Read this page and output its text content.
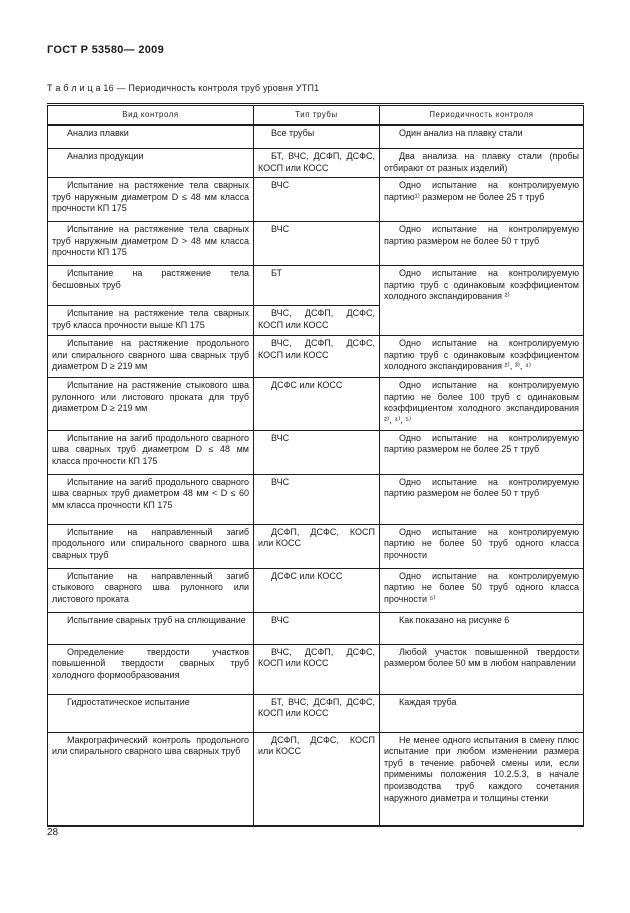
ГОСТ Р 53580— 2009
Т а б л и ц а 16 — Периодичность контроля труб уровня УТП1
Вид контроля	Тип трубы	Периодичность контроля
Анализ плавки	Все трубы	Один анализ на плавку стали
Анализ продукции	БТ, ВЧС, ДСФП, ДСФС, КОСП или КОСС	Два анализа на плавку стали (пробы отбирают от разных изделий)
Испытание на растяжение тела сварных труб наружным диаметром D ≤ 48 мм класса прочности КП 175	ВЧС	Одно испытание на контролируемую партию¹⁾ размером не более 25 т труб
Испытание на растяжение тела сварных труб наружным диаметром D > 48 мм класса прочности КП 175	ВЧС	Одно испытание на контролируемую партию размером не более 50 т труб
Испытание на растяжение тела бесшовных труб	БТ	Одно испытание на контролируемую партию труб с одинаковым коэффициентом холодного экспандирования ²⁾
Испытание на растяжение тела сварных труб класса прочности выше КП 175	ВЧС, ДСФП, ДСФС, КОСП или КОСС	
Испытание на растяжение продольного или спирального сварного шва сварных труб диаметром D ≥ 219 мм	ВЧС, ДСФП, ДСФС, КОСП или КОСС	Одно испытание на контролируемую партию труб с одинаковым коэффициентом холодного экспандирования ²⁾, ³⁾, ⁴⁾
Испытание на растяжение стыкового шва рулонного или листового проката для труб диаметром D ≥ 219 мм	ДСФС или КОСС	Одно испытание на контролируемую партию не более 100 труб с одинаковым коэффициентом холодного экспандирования ²⁾, ⁴⁾, ⁵⁾
Испытание на загиб продольного сварного шва сварных труб диаметром D ≤ 48 мм класса прочности КП 175	ВЧС	Одно испытание на контролируемую партию размером не более 25 т труб
Испытание на загиб продольного сварного шва сварных труб диаметром 48 мм < D ≤ 60 мм класса прочности КП 175	ВЧС	Одно испытание на контролируемую партию размером не более 50 т труб
Испытание на направленный загиб продольного или спирального сварного шва сварных труб	ДСФП, ДСФС, КОСП или КОСС	Одно испытание на контролируемую партию не более 50 труб одного класса прочности
Испытание на направленный загиб стыкового сварного шва рулонного или листового проката	ДСФС или КОСС	Одно испытание на контролируемую партию не более 50 труб одного класса прочности ⁵⁾
Испытание сварных труб на сплющивание	ВЧС	Как показано на рисунке 6
Определение твердости участков повышенной твердости сварных труб холодного формообразования	ВЧС, ДСФП, ДСФС, КОСП или КОСС	Любой участок повышенной твердости размером более 50 мм в любом направлении
Гидростатическое испытание	БТ, ВЧС, ДСФП, ДСФС, КОСП или КОСС	Каждая труба
Макрографический контроль продольного или спирального сварного шва сварных труб	ДСФП, ДСФС, КОСП или КОСС	Не менее одного испытания в смену плюс испытание при любом изменении размера труб в течение рабочей смены или, если применимы положения 10.2.5.3, в начале производства труб каждого сочетания наружного диаметра и толщины стенки
28
